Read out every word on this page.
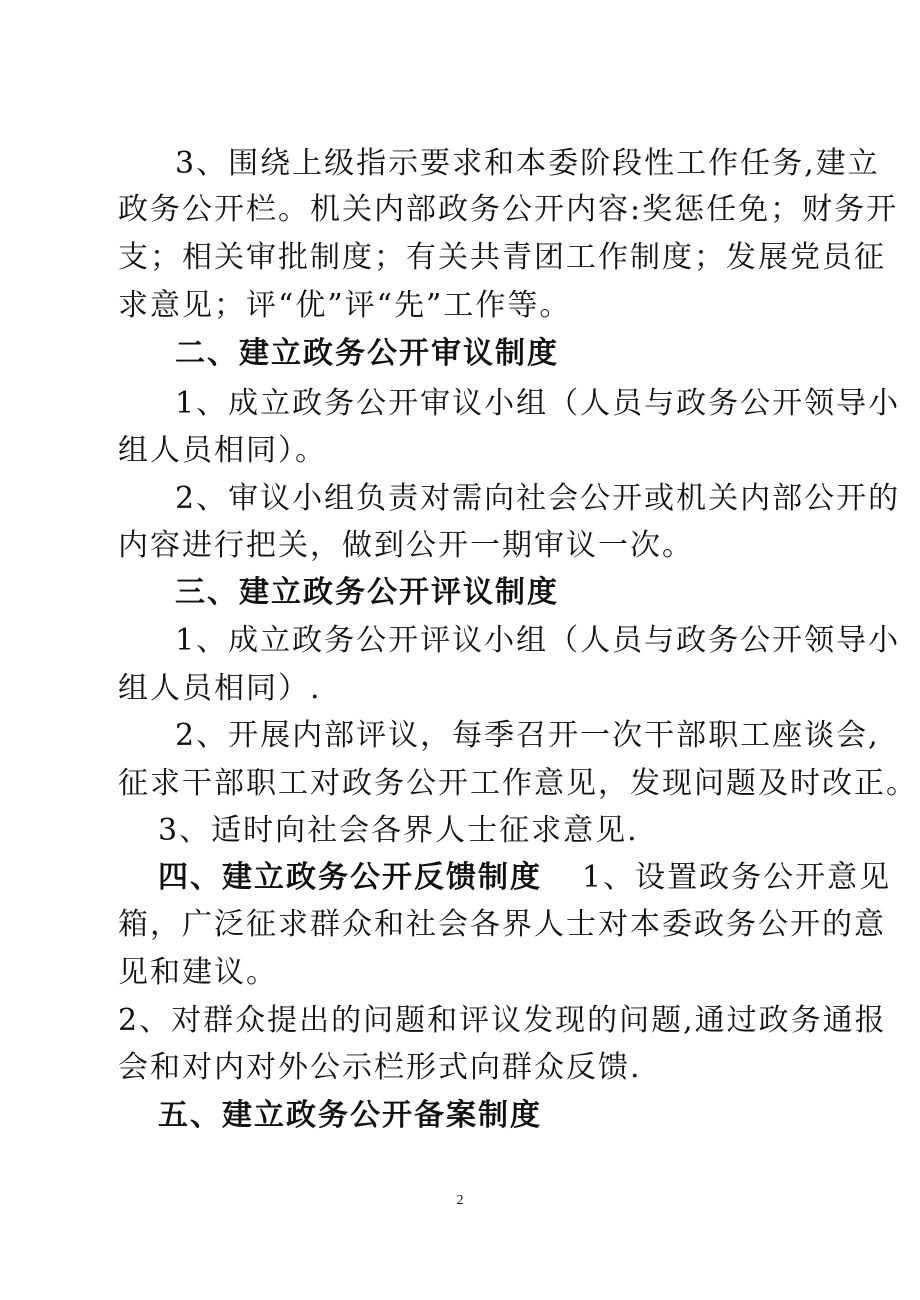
3、围绕上级指示要求和本委阶段性工作任务,建立
政务公开栏。机关内部政务公开内容:奖惩任免；财务开
支；相关审批制度；有关共青团工作制度；发展党员征
求意见；评“优”评“先”工作等。
二、建立政务公开审议制度
1、成立政务公开审议小组（人员与政务公开领导小
组人员相同）。
2、审议小组负责对需向社会公开或机关内部公开的
内容进行把关，做到公开一期审议一次。
三、建立政务公开评议制度
1、成立政务公开评议小组（人员与政务公开领导小
组人员相同）.
2、开展内部评议，每季召开一次干部职工座谈会,
征求干部职工对政务公开工作意见，发现问题及时改正。
3、适时向社会各界人士征求意见.
四、建立政务公开反馈制度 1、设置政务公开意见
箱，广泛征求群众和社会各界人士对本委政务公开的意
见和建议。
2、对群众提出的问题和评议发现的问题,通过政务通报
会和对内对外公示栏形式向群众反馈.
五、建立政务公开备案制度
2
